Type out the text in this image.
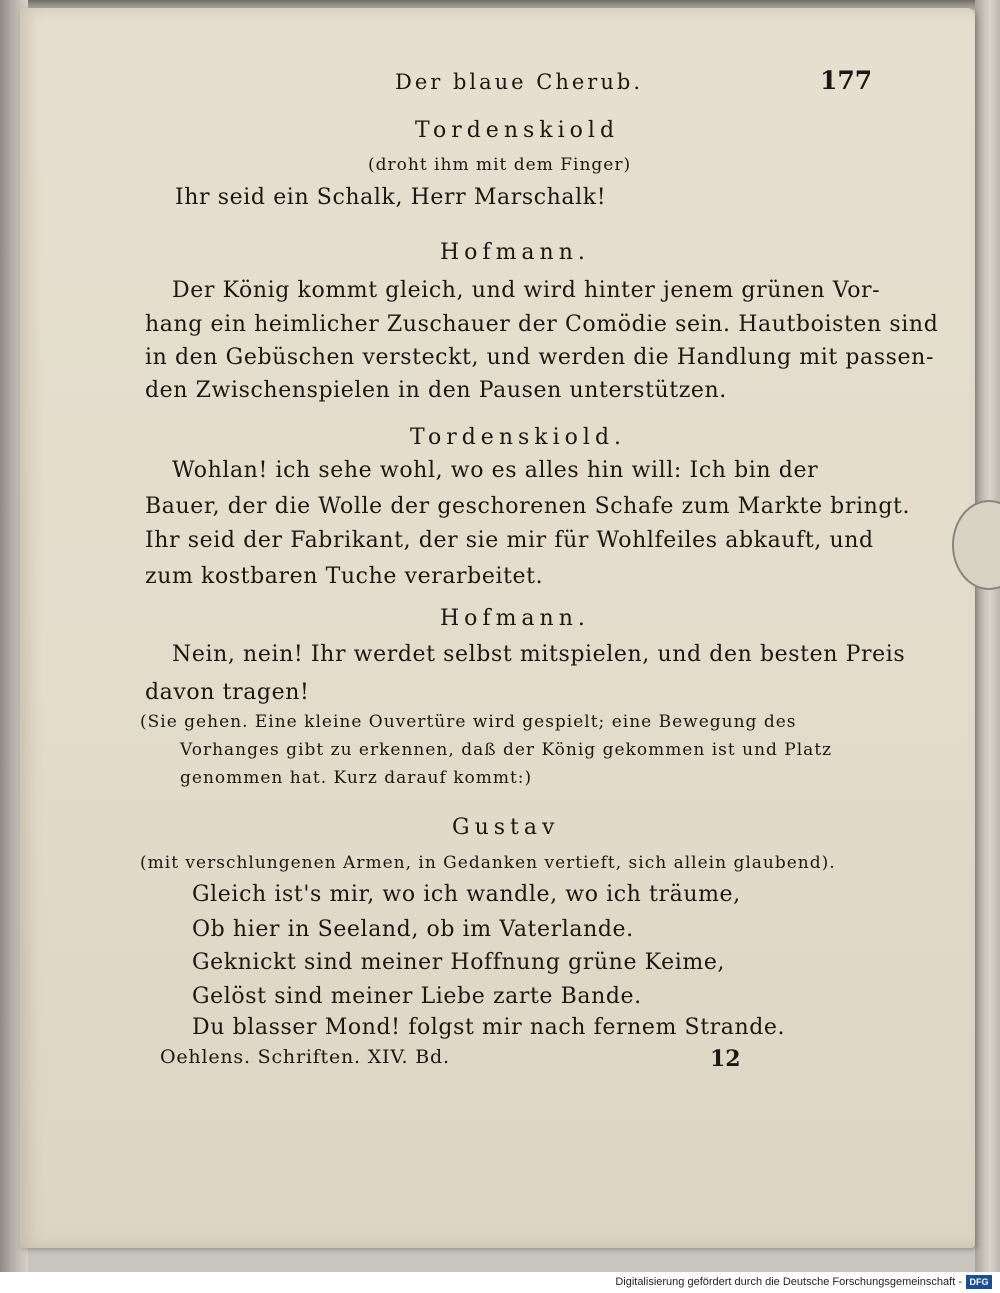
Der blaue Cherub.	177
Tordenskiold
(droht ihm mit dem Finger)
Ihr seid ein Schalk, Herr Marschalk!
Hofmann.
Der König kommt gleich, und wird hinter jenem grünen Vor-
hang ein heimlicher Zuschauer der Comödie sein. Hautboisten sind
in den Gebüschen versteckt, und werden die Handlung mit passen-
den Zwischenspielen in den Pausen unterstützen.
Tordenskiold.
Wohlan! ich sehe wohl, wo es alles hin will: Ich bin der
Bauer, der die Wolle der geschorenen Schafe zum Markte bringt.
Ihr seid der Fabrikant, der sie mir für Wohlfeiles abkauft, und
zum kostbaren Tuche verarbeitet.
Hofmann.
Nein, nein! Ihr werdet selbst mitspielen, und den besten Preis
davon tragen!
(Sie gehen. Eine kleine Ouvertüre wird gespielt; eine Bewegung des
Vorhanges gibt zu erkennen, daß der König gekommen ist und Platz
genommen hat. Kurz darauf kommt:)
Gustav
(mit verschlungenen Armen, in Gedanken vertieft, sich allein glaubend).
Gleich ist's mir, wo ich wandle, wo ich träume,
Ob hier in Seeland, ob im Vaterlande.
Geknickt sind meiner Hoffnung grüne Keime,
Gelöst sind meiner Liebe zarte Bande.
Du blasser Mond! folgst mir nach fernem Strande.
Oehlens. Schriften. XIV. Bd.	12
Digitalisierung gefördert durch die Deutsche Forschungsgemeinschaft - DFG
